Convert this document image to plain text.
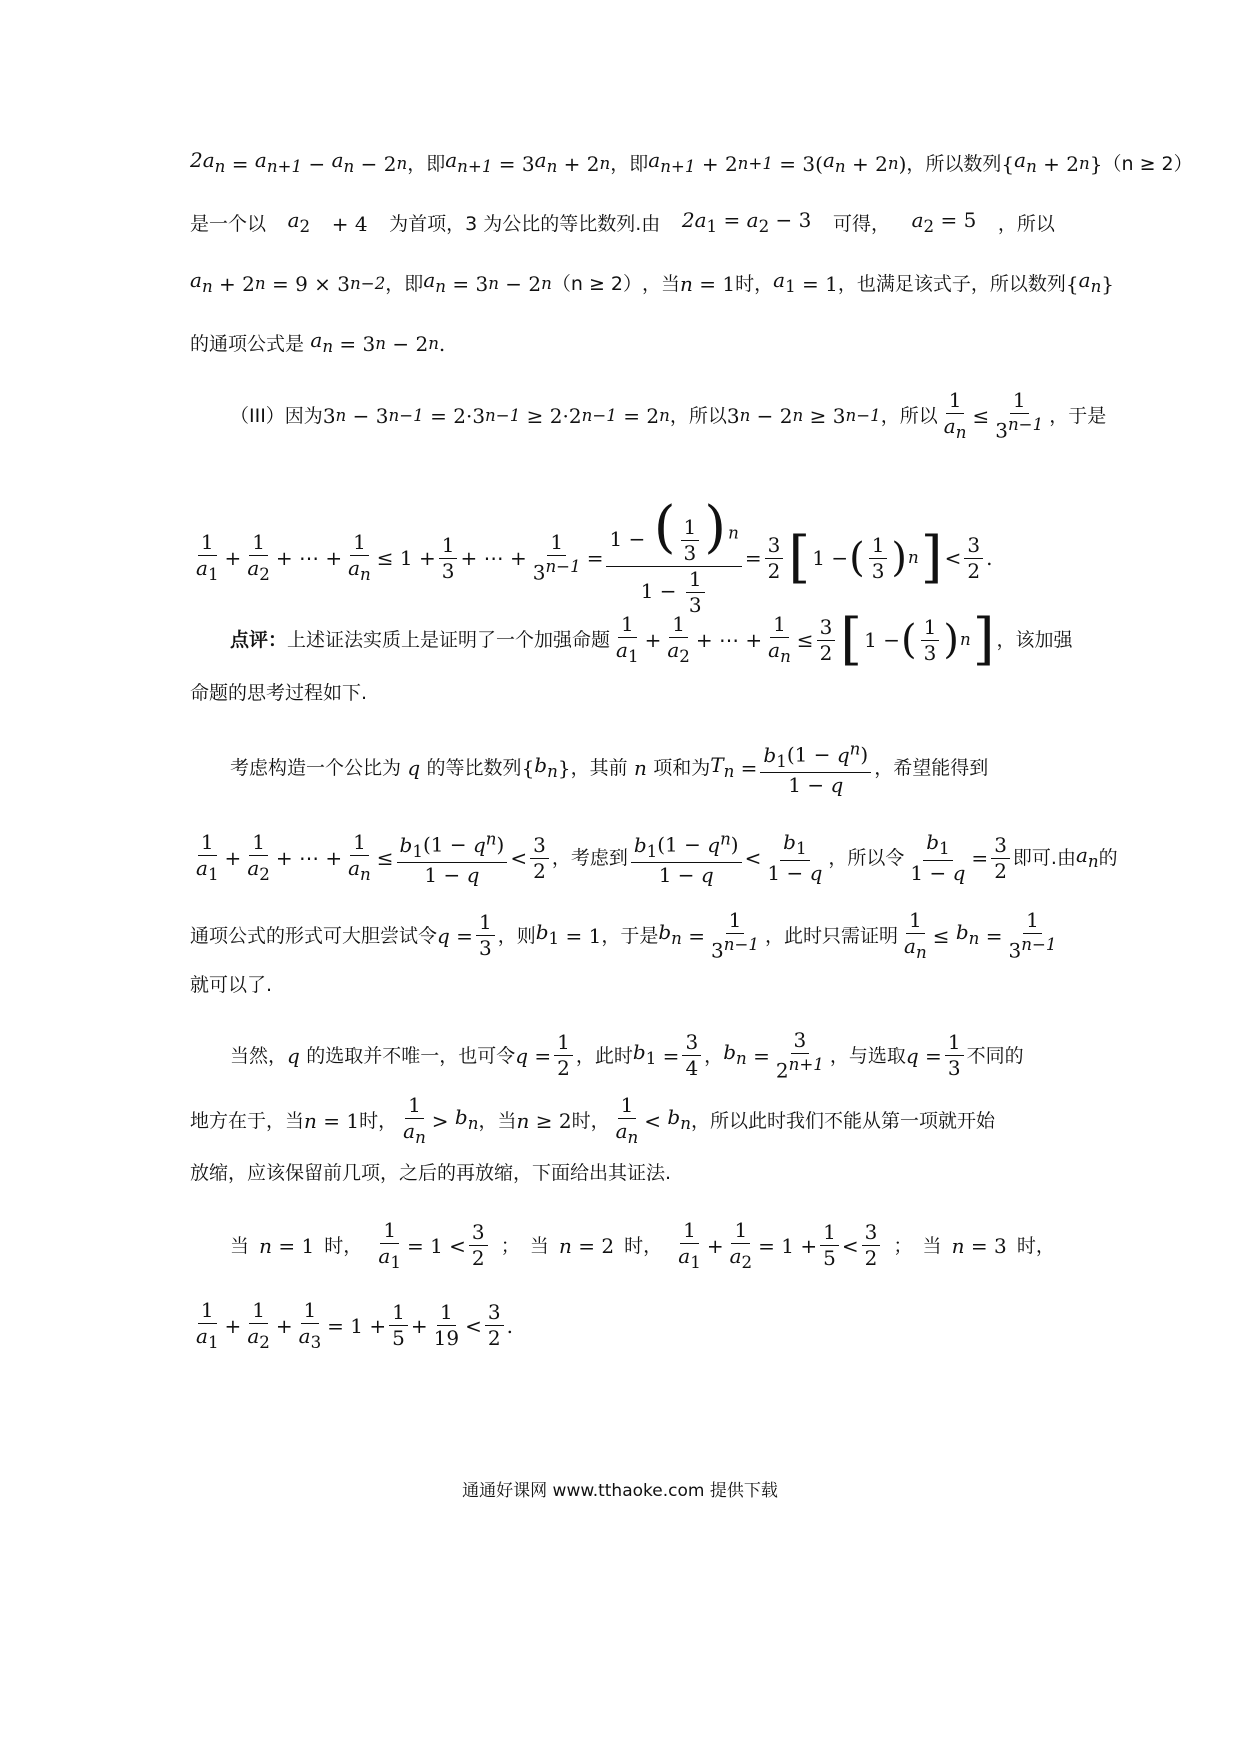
$2a_n = a_{n+1} - a_n - 2$ n ，即 $a_{n+1} = 3$ $a_n + 2$ n ，即 $a_{n+1} + 2$ n+1 = 3( $a_n + 2$ n ) ，所以 数列 { $a_n + 2$ n } （n ≥ 2）
是一个以 $a_2 + 4$ 为首项，3 为公比的等比数列.由 $2a_1 = a_2 - 3$ 可得， $a_2 = 5$ ，所以
$a_n + 2$ n = 9 × 3 n−2 ，即 $a_n = 3$ n − 2 n （n ≥ 2） ，当 n = 1 时， $a_1 = 1$ ，也满足该式子，所以数列 { $a_n$ }
的通项公式是
$a_n = 3$ n − 2 n .
（III）因为 3 n − 3 n−1 = 2·3 n−1 ≥ 2·2 n−1 = 2 n ， 所以 3 n − 2 n ≥ 3 n−1 ， 所以 $\frac{1}{a_n} \le \frac{1}{3^{n-1}}$ ，于是
$\frac{1}{a_1} + \frac{1}{a_2}$ + ⋯ + $\frac{1}{a_n} \le 1 + \frac{1}{3}$ + ⋯ + $\frac{1}{3^{n-1}} = \frac{1 - ( \frac{1}{3} ) ^n}{1 - \frac{1}{3}} = \frac{3}{2}$ [ 1 − ( $\frac{1}{3}$ ) n ] < $\frac{3}{2}$ .
点评： 上述证法实质上是证明了一个加强命题 $\frac{1}{a_1} + \frac{1}{a_2}$ + ⋯ + $\frac{1}{a_n} \le \frac{3}{2}$ [ 1 − ( $\frac{1}{3}$ ) n ] ，该加强
命题的思考过程如下.
考虑构造一个公比为
q
的等比数列 { $b_n$ } ，其前
n
项和为 $T_n = \frac{b_1(1 - q^n)}{1 - q}$ ，希望能得到
$\frac{1}{a_1} + \frac{1}{a_2}$ + ⋯ + $\frac{1}{a_n} \le \frac{b_1(1 - q^n)}{1 - q} < \frac{3}{2}$ ，考虑到 $\frac{b_1(1 - q^n)}{1 - q} < \frac{b_1}{1 - q}$ ，所以令 $\frac{b_1}{1 - q} = \frac{3}{2}$ 即可.由 $a_n$ 的
通项公式的形式可大胆尝试令 $q = \frac{1}{3}$ ，则 $b_1 = 1$ ，于是 $b_n = \frac{1}{3^{n-1}}$ ，此时只需证明 $\frac{1}{a_n} \le b_n = \frac{1}{3^{n-1}}$
就可以了.
当然， q
的选取并不唯一，也可令 $q = \frac{1}{2}$ ，此时 $b_1 = \frac{3}{4}$ ， $b_n = \frac{3}{2^{n+1}}$ ，与选取 $q = \frac{1}{3}$ 不同的
地方在于，当 n = 1 时， $\frac{1}{a_n} > b_n$ ，当 n ≥ 2 时， $\frac{1}{a_n} < b_n$ ，所以此时我们不能从第一项就开始
放缩，应该保留前几项，之后的再放缩，下面给出其证法.
当 n = 1 时， $\frac{1}{a_1} = 1 < \frac{3}{2}$ ； 当 n = 2 时， $\frac{1}{a_1} + \frac{1}{a_2} = 1 + \frac{1}{5} < \frac{3}{2}$ ； 当 n = 3 时，
$\frac{1}{a_1} + \frac{1}{a_2} + \frac{1}{a_3} = 1 + \frac{1}{5} + \frac{1}{19} < \frac{3}{2}$ .
通通好课网 www.tthaoke.com 提供下载
